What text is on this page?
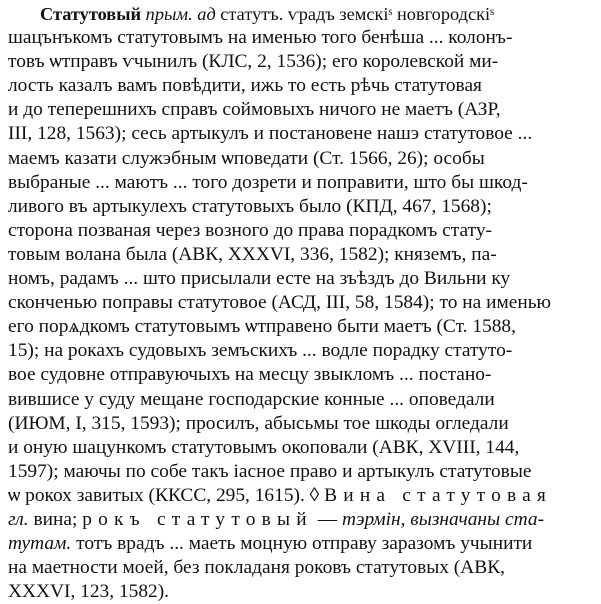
Статутовый прым. ад статутъ. ѵрадъ земскіˢ новгородскіˢ
шацънъкомъ статутовымъ на именью того бенѣша ... колонъ-
товъ ѡтправъ ѵчынилъ (КЛС, 2, 1536); его королевской ми-
лость казалъ вамъ повѣдити, ижь то есть рѣчь статутовая
и до теперешнихъ справъ соймовыхъ ничого не маетъ (АЗР,
III, 128, 1563); сесь артыкулъ и постановене нашэ статутовое ...
маемъ казати служэбным ѡповедати (Ст. 1566, 26); особы
выбраные ... маютъ ... того дозрети и поправити, што бы шкод-
ливого въ артыкулехъ статутовыхъ было (КПД, 467, 1568);
сторона позваная через возного до права порадкомъ стату-
товым волана была (АВК, XXXVI, 336, 1582); княземъ, па-
номъ, радамъ ... што присылали есте на зъѣздъ до Вильни ку
сконченью поправы статутовое (АСД, III, 58, 1584); то на именью
его порѧдкомъ статутовымъ ѡтправено быти маетъ (Ст. 1588,
15); на рокахъ судовыхъ земъскихъ ... водле порадку статуто-
вое судовне отправуючыхъ на месцу звыкломъ ... постано-
вившисе у суду мещане господарские конные ... оповедали
(ИЮМ, I, 315, 1593); просилъ, абысьмы тое шкоды огледали
и оную шацункомъ статутовымъ окоповали (АВК, XVIII, 144,
1597); маючы по собе такъ iасное право и артыкулъ статутовые
ѡ рокох завитых (ККСС, 295, 1615). ◊ Вина статутовая
гл. вина; рокъ статутовый — тэрмін, вызначаны ста-
тутам. тотъ врадъ ... маеть моцную отправу заразомъ учынити
на маетности моей, без покладаня роковъ статутовых (АВК,
XXXVI, 123, 1582).
